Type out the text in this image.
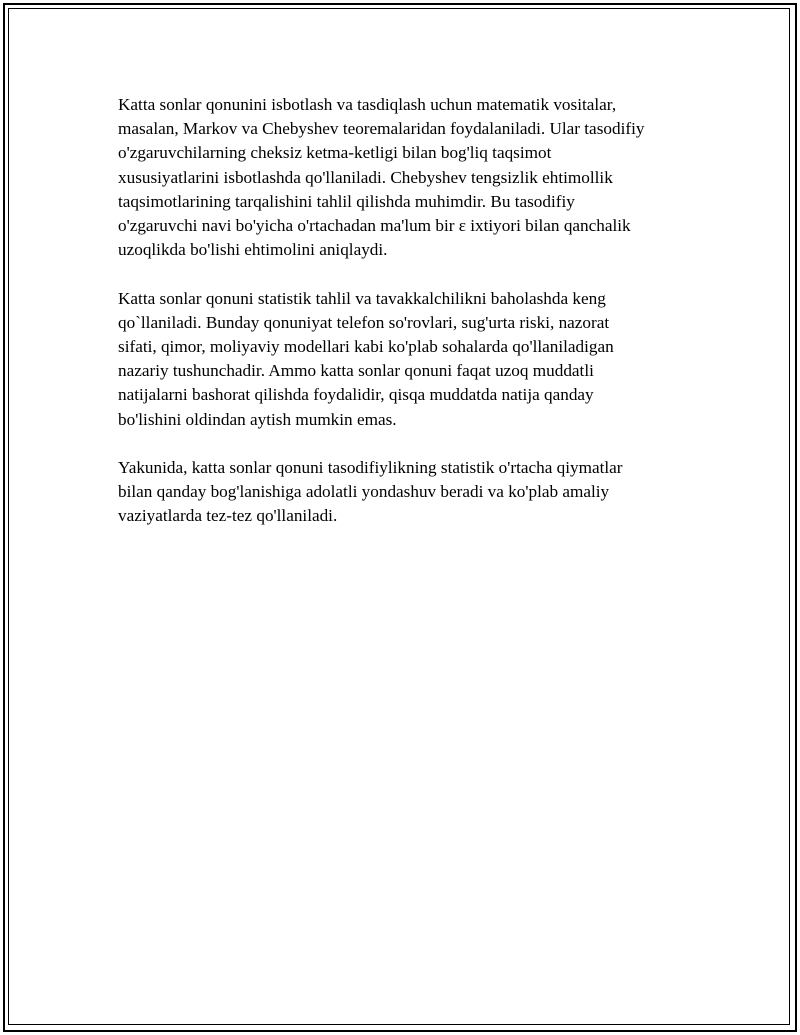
Katta sonlar qonunini isbotlash va tasdiqlash uchun matematik vositalar,
masalan, Markov va Chebyshev teoremalaridan foydalaniladi. Ular tasodifiy
o'zgaruvchilarning cheksiz ketma-ketligi bilan bog'liq taqsimot
xususiyatlarini isbotlashda qo'llaniladi. Chebyshev tengsizlik ehtimollik
taqsimotlarining tarqalishini tahlil qilishda muhimdir. Bu tasodifiy
o'zgaruvchi navi bo'yicha o'rtachadan ma'lum bir ε ixtiyori bilan qanchalik
uzoqlikda bo'lishi ehtimolini aniqlaydi.

Katta sonlar qonuni statistik tahlil va tavakkalchilikni baholashda keng
qo`llaniladi. Bunday qonuniyat telefon so'rovlari, sug'urta riski, nazorat
sifati, qimor, moliyaviy modellari kabi ko'plab sohalarda qo'llaniladigan
nazariy tushunchadir. Ammo katta sonlar qonuni faqat uzoq muddatli
natijalarni bashorat qilishda foydalidir, qisqa muddatda natija qanday
bo'lishini oldindan aytish mumkin emas.

Yakunida, katta sonlar qonuni tasodifiylikning statistik o'rtacha qiymatlar
bilan qanday bog'lanishiga adolatli yondashuv beradi va ko'plab amaliy
vaziyatlarda tez-tez qo'llaniladi.
